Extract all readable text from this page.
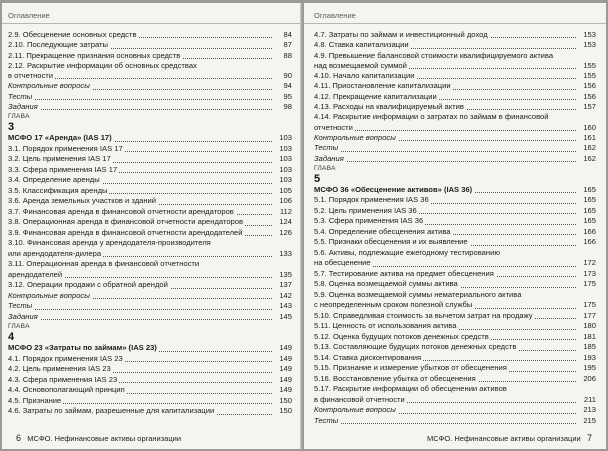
Оглавление
2.9. Обесценение основных средств	84
2.10. Последующие затраты	87
2.11. Прекращение признания основных средств	88
2.12. Раскрытие информации об основных средствах
в отчетности	90
Контрольные вопросы	94
Тесты	95
Задания	98
ГЛАВА
3
МСФО 17 «Аренда» (IAS 17)	103
3.1. Порядок применения IAS 17	103
3.2. Цель применения IAS 17	103
3.3. Сфера применения IAS 17	103
3.4. Определение аренды	103
3.5. Классификация аренды	105
3.6. Аренда земельных участков и зданий	106
3.7. Финансовая аренда в финансовой отчетности арендаторов	112
3.8. Операционная аренда в финансовой отчетности арендаторов	124
3.9. Финансовая аренда в финансовой отчетности арендодателей	126
3.10. Финансовая аренда у арендодателя-производителя
или арендодателя-дилера	133
3.11. Операционная аренда в финансовой отчетности
арендодателей	135
3.12. Операции продажи с обратной арендой	137
Контрольные вопросы	142
Тесты	143
Задания	145
ГЛАВА
4
МСФО 23 «Затраты по займам» (IAS 23)	149
4.1. Порядок применения IAS 23	149
4.2. Цель применения IAS 23	149
4.3. Сфера применения IAS 23	149
4.4. Основополагающий принцип	149
4.5. Признание	150
4.6. Затраты по займам, разрешенные для капитализации	150
6 МСФО. Нефинансовые активы организации
Оглавление
4.7. Затраты по займам и инвестиционный доход	153
4.8. Ставка капитализации	153
4.9. Превышение балансовой стоимости квалифицируемого актива
над возмещаемой суммой	155
4.10. Начало капитализации	155
4.11. Приостановление капитализации	156
4.12. Прекращение капитализации	156
4.13. Расходы на квалифицируемый актив	157
4.14. Раскрытие информации о затратах по займам в финансовой
отчетности	160
Контрольные вопросы	161
Тесты	162
Задания	162
ГЛАВА
5
МСФО 36 «Обесценение активов» (IAS 36)	165
5.1. Порядок применения IAS 36	165
5.2. Цель применения IAS 36	165
5.3. Сфера применения IAS 36	165
5.4. Определение обесценения актива	166
5.5. Признаки обесценения и их выявление	166
5.6. Активы, подлежащие ежегодному тестированию
на обесценение	172
5.7. Тестирование актива на предмет обесценения	173
5.8. Оценка возмещаемой суммы актива	175
5.9. Оценка возмещаемой суммы нематериального актива
с неопределенным сроком полезной службы	175
5.10. Справедливая стоимость за вычетом затрат на продажу	177
5.11. Ценность от использования актива	180
5.12. Оценка будущих потоков денежных средств	181
5.13. Составляющие будущих потоков денежных средств	185
5.14. Ставка дисконтирования	193
5.15. Признание и измерение убытков от обесценения	195
5.16. Восстановление убытка от обесценения	206
5.17. Раскрытие информации об обесценении активов
в финансовой отчетности	211
Контрольные вопросы	213
Тесты	215
МСФО. Нефинансовые активы организации 7
